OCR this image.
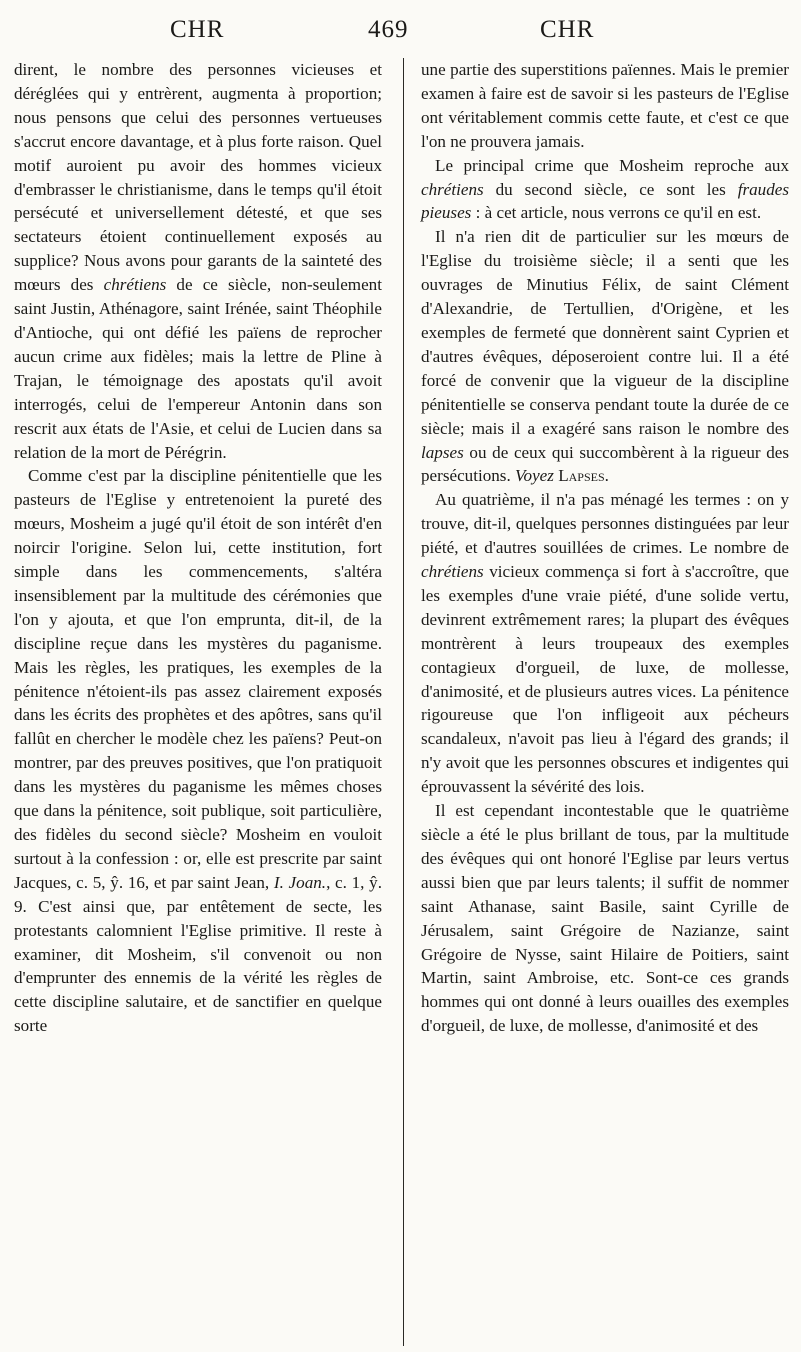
CHR	469	CHR

dirent, le nombre des personnes vicieuses et déréglées qui y entrèrent, augmenta à proportion; nous pensons que celui des personnes vertueuses s'accrut encore davantage, et à plus forte raison. Quel motif auroient pu avoir des hommes vicieux d'embrasser le christianisme, dans le temps qu'il étoit persécuté et universellement détesté, et que ses sectateurs étoient continuellement exposés au supplice? Nous avons pour garants de la sainteté des mœurs des chrétiens de ce siècle, non-seulement saint Justin, Athénagore, saint Irénée, saint Théophile d'Antioche, qui ont défié les païens de reprocher aucun crime aux fidèles; mais la lettre de Pline à Trajan, le témoignage des apostats qu'il avoit interrogés, celui de l'empereur Antonin dans son rescrit aux états de l'Asie, et celui de Lucien dans sa relation de la mort de Pérégrin.

Comme c'est par la discipline pénitentielle que les pasteurs de l'Eglise y entretenoient la pureté des mœurs, Mosheim a jugé qu'il étoit de son intérêt d'en noircir l'origine. Selon lui, cette institution, fort simple dans les commencements, s'altéra insensiblement par la multitude des cérémonies que l'on y ajouta, et que l'on emprunta, dit-il, de la discipline reçue dans les mystères du paganisme. Mais les règles, les pratiques, les exemples de la pénitence n'étoient-ils pas assez clairement exposés dans les écrits des prophètes et des apôtres, sans qu'il fallût en chercher le modèle chez les païens? Peut-on montrer, par des preuves positives, que l'on pratiquoit dans les mystères du paganisme les mêmes choses que dans la pénitence, soit publique, soit particulière, des fidèles du second siècle? Mosheim en vouloit surtout à la confession : or, elle est prescrite par saint Jacques, c. 5, ŷ. 16, et par saint Jean, I. Joan., c. 1, ŷ. 9. C'est ainsi que, par entêtement de secte, les protestants calomnient l'Eglise primitive. Il reste à examiner, dit Mosheim, s'il convenoit ou non d'emprunter des ennemis de la vérité les règles de cette discipline salutaire, et de sanctifier en quelque sorte

une partie des superstitions païennes. Mais le premier examen à faire est de savoir si les pasteurs de l'Eglise ont véritablement commis cette faute, et c'est ce que l'on ne prouvera jamais.

Le principal crime que Mosheim reproche aux chrétiens du second siècle, ce sont les fraudes pieuses : à cet article, nous verrons ce qu'il en est.

Il n'a rien dit de particulier sur les mœurs de l'Eglise du troisième siècle; il a senti que les ouvrages de Minutius Félix, de saint Clément d'Alexandrie, de Tertullien, d'Origène, et les exemples de fermeté que donnèrent saint Cyprien et d'autres évêques, déposeroient contre lui. Il a été forcé de convenir que la vigueur de la discipline pénitentielle se conserva pendant toute la durée de ce siècle; mais il a exagéré sans raison le nombre des lapses ou de ceux qui succombèrent à la rigueur des persécutions. Voyez Lapses.

Au quatrième, il n'a pas ménagé les termes : on y trouve, dit-il, quelques personnes distinguées par leur piété, et d'autres souillées de crimes. Le nombre de chrétiens vicieux commença si fort à s'accroître, que les exemples d'une vraie piété, d'une solide vertu, devinrent extrêmement rares; la plupart des évêques montrèrent à leurs troupeaux des exemples contagieux d'orgueil, de luxe, de mollesse, d'animosité, et de plusieurs autres vices. La pénitence rigoureuse que l'on infligeoit aux pécheurs scandaleux, n'avoit pas lieu à l'égard des grands; il n'y avoit que les personnes obscures et indigentes qui éprouvassent la sévérité des lois.

Il est cependant incontestable que le quatrième siècle a été le plus brillant de tous, par la multitude des évêques qui ont honoré l'Eglise par leurs vertus aussi bien que par leurs talents; il suffit de nommer saint Athanase, saint Basile, saint Cyrille de Jérusalem, saint Grégoire de Nazianze, saint Grégoire de Nysse, saint Hilaire de Poitiers, saint Martin, saint Ambroise, etc. Sont-ce ces grands hommes qui ont donné à leurs ouailles des exemples d'orgueil, de luxe, de mollesse, d'animosité et des
